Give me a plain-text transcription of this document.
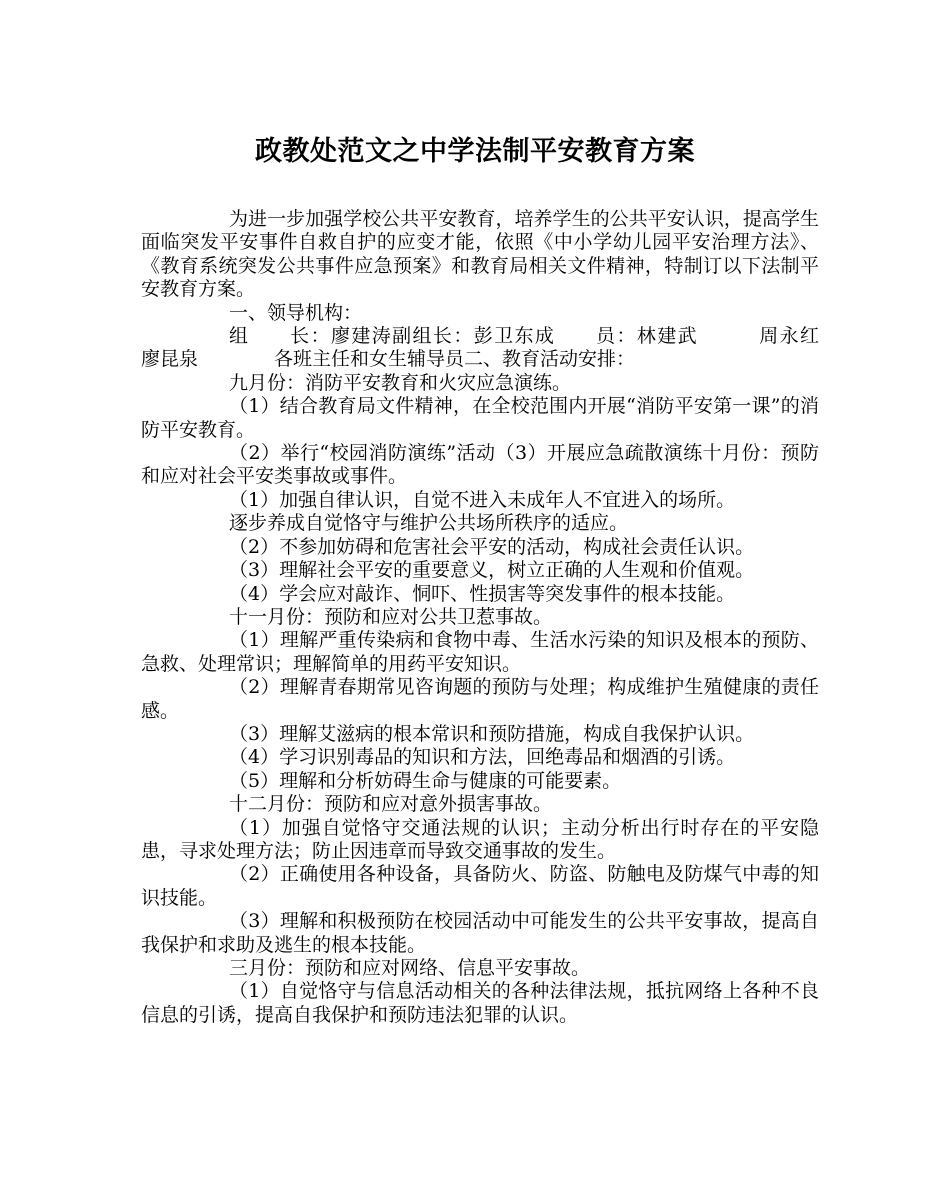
政教处范文之中学法制平安教育方案

为进一步加强学校公共平安教育，培养学生的公共平安认识，提高学生面临突发平安事件自救自护的应变才能，依照《中小学幼儿园平安治理方法》、《教育系统突发公共事件应急预案》和教育局相关文件精神，特制订以下法制平安教育方案。

一、领导机构：

组　　长：廖建涛副组长：彭卫东成　　员：林建武　　　周永红　　　廖昆泉　　　　各班主任和女生辅导员二、教育活动安排：

九月份：消防平安教育和火灾应急演练。

（1）结合教育局文件精神，在全校范围内开展“消防平安第一课”的消防平安教育。

（2）举行“校园消防演练”活动（3）开展应急疏散演练十月份：预防和应对社会平安类事故或事件。

（1）加强自律认识，自觉不进入未成年人不宜进入的场所。

逐步养成自觉恪守与维护公共场所秩序的适应。

（2）不参加妨碍和危害社会平安的活动，构成社会责任认识。

（3）理解社会平安的重要意义，树立正确的人生观和价值观。

（4）学会应对敲诈、恫吓、性损害等突发事件的根本技能。

十一月份：预防和应对公共卫惹事故。

（1）理解严重传染病和食物中毒、生活水污染的知识及根本的预防、急救、处理常识；理解简单的用药平安知识。

（2）理解青春期常见咨询题的预防与处理；构成维护生殖健康的责任感。

（3）理解艾滋病的根本常识和预防措施，构成自我保护认识。

（4）学习识别毒品的知识和方法，回绝毒品和烟酒的引诱。

（5）理解和分析妨碍生命与健康的可能要素。

十二月份：预防和应对意外损害事故。

（1）加强自觉恪守交通法规的认识；主动分析出行时存在的平安隐患，寻求处理方法；防止因违章而导致交通事故的发生。

（2）正确使用各种设备，具备防火、防盗、防触电及防煤气中毒的知识技能。

（3）理解和积极预防在校园活动中可能发生的公共平安事故，提高自我保护和求助及逃生的根本技能。

三月份：预防和应对网络、信息平安事故。

（1）自觉恪守与信息活动相关的各种法律法规，抵抗网络上各种不良信息的引诱，提高自我保护和预防违法犯罪的认识。
